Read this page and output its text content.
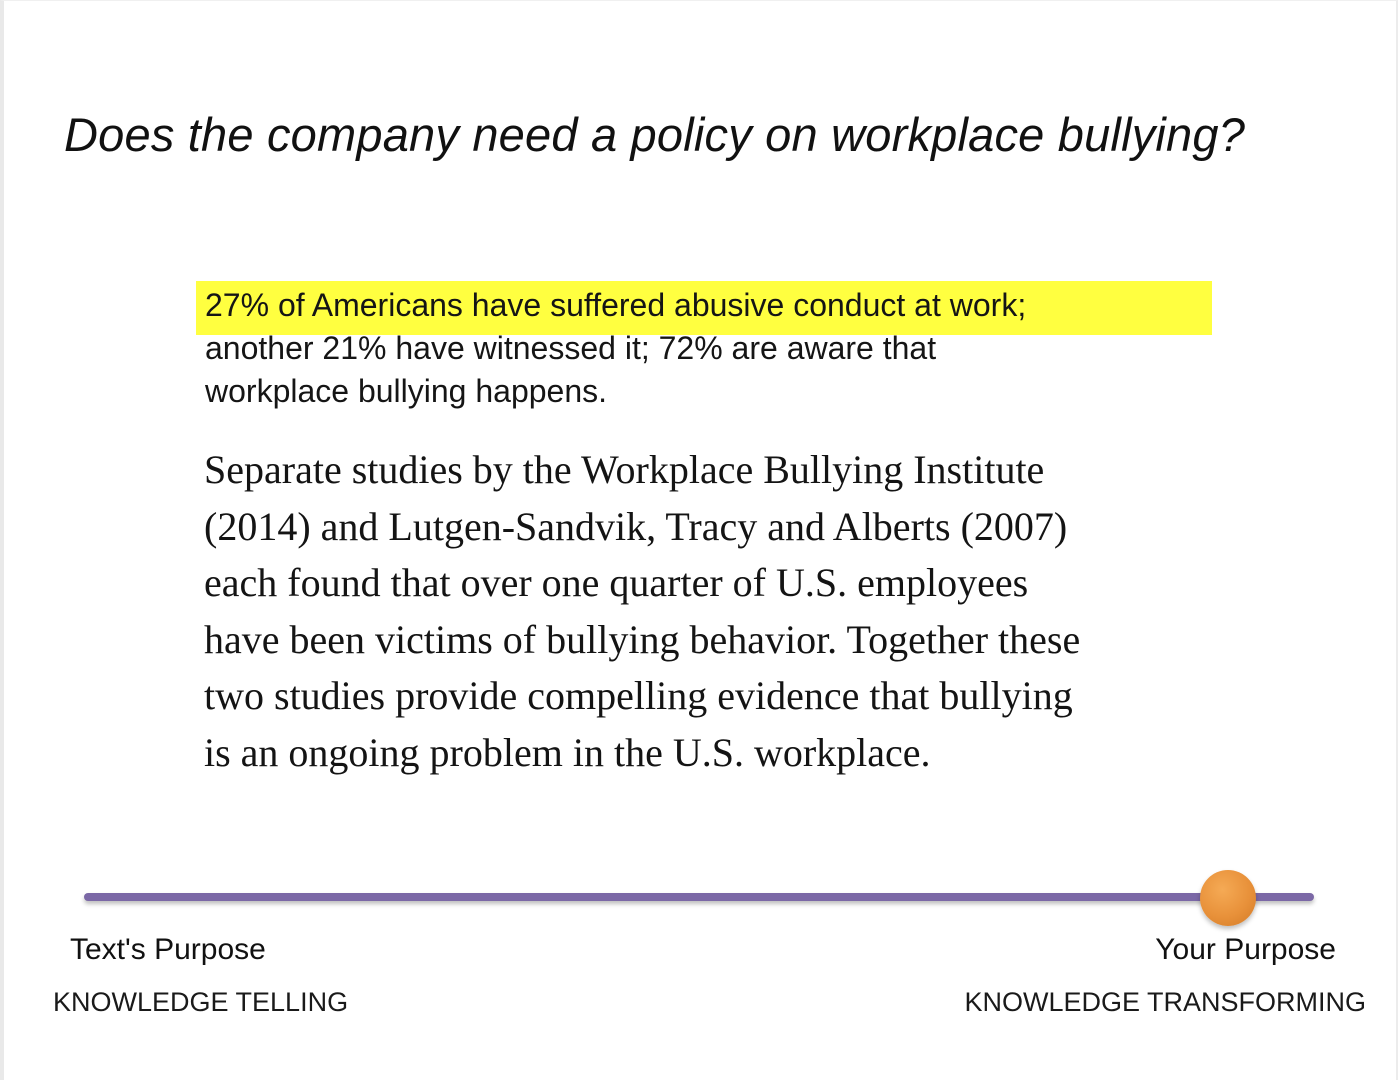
Does the company need a policy on workplace bullying?
27% of Americans have suffered abusive conduct at work;
another 21% have witnessed it; 72% are aware that
workplace bullying happens.
Separate studies by the Workplace Bullying Institute
(2014) and Lutgen-Sandvik, Tracy and Alberts (2007)
each found that over one quarter of U.S. employees
have been victims of bullying behavior. Together these
two studies provide compelling evidence that bullying
is an ongoing problem in the U.S. workplace.
Text's Purpose
KNOWLEDGE TELLING
Your Purpose
KNOWLEDGE TRANSFORMING
